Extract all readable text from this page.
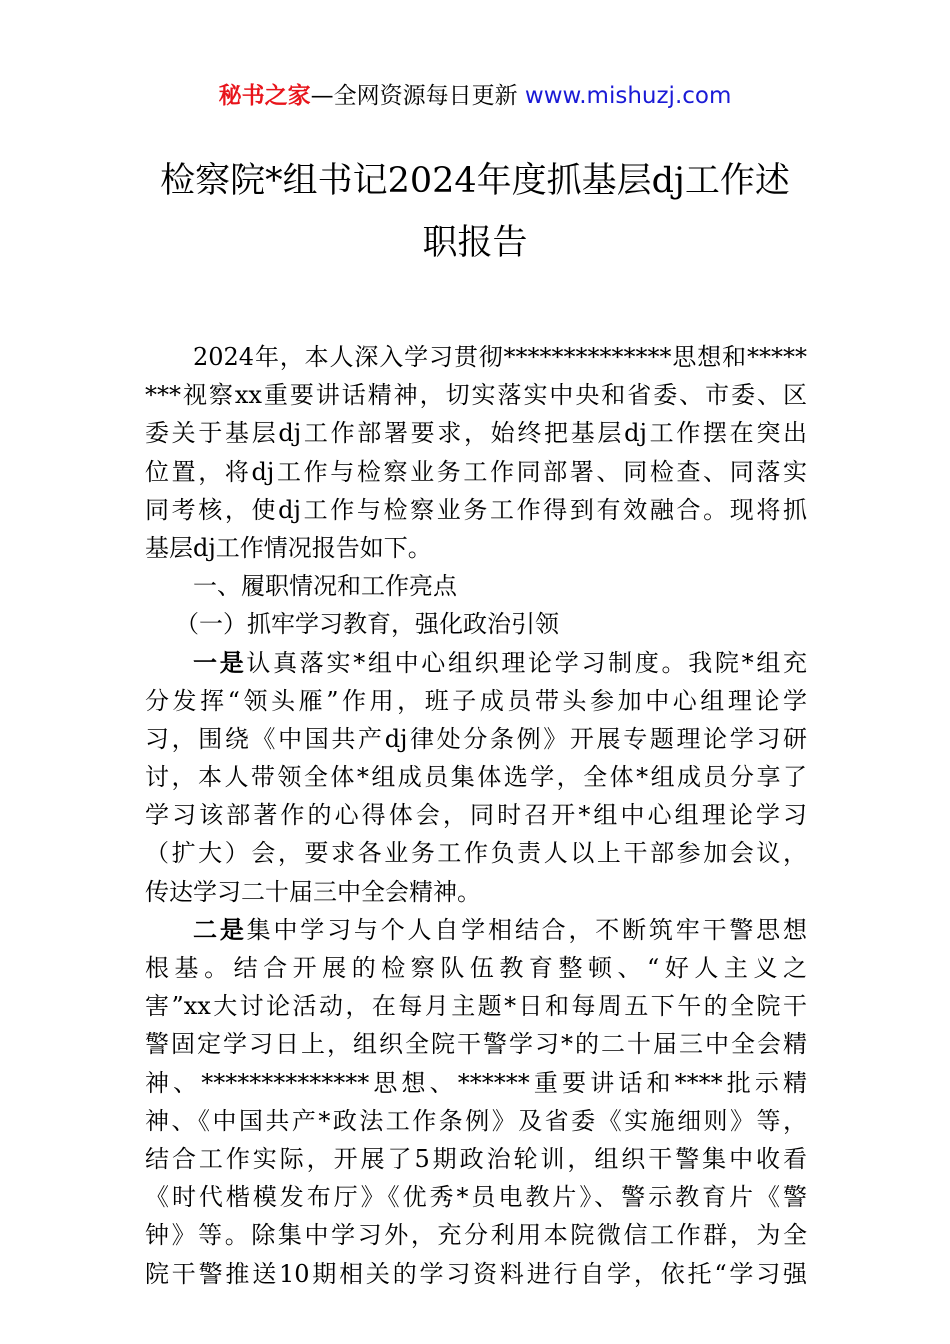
秘书之家—全网资源每日更新 www.mishuzj.com
检察院*组书记2024年度抓基层dj工作述
职报告
2024年，本人深入学习贯彻**************思想和*****
***视察xx重要讲话精神，切实落实中央和省委、市委、区
委关于基层dj工作部署要求，始终把基层dj工作摆在突出
位置，将dj工作与检察业务工作同部署、同检查、同落实
同考核，使dj工作与检察业务工作得到有效融合。现将抓
基层dj工作情况报告如下。
一、履职情况和工作亮点
（一）抓牢学习教育，强化政治引领
一是认真落实*组中心组织理论学习制度。我院*组充
分发挥“领头雁”作用，班子成员带头参加中心组理论学
习，围绕《中国共产dj律处分条例》开展专题理论学习研
讨，本人带领全体*组成员集体选学，全体*组成员分享了
学习该部著作的心得体会，同时召开*组中心组理论学习
（扩大）会，要求各业务工作负责人以上干部参加会议，
传达学习二十届三中全会精神。
二是集中学习与个人自学相结合，不断筑牢干警思想
根基。结合开展的检察队伍教育整顿、“好人主义之
害”xx大讨论活动，在每月主题*日和每周五下午的全院干
警固定学习日上，组织全院干警学习*的二十届三中全会精
神、**************思想、******重要讲话和****批示精
神、《中国共产*政法工作条例》及省委《实施细则》等，
结合工作实际，开展了5期政治轮训，组织干警集中收看
《时代楷模发布厅》《优秀*员电教片》、警示教育片《警
钟》等。除集中学习外，充分利用本院微信工作群，为全
院干警推送10期相关的学习资料进行自学，依托“学习强
